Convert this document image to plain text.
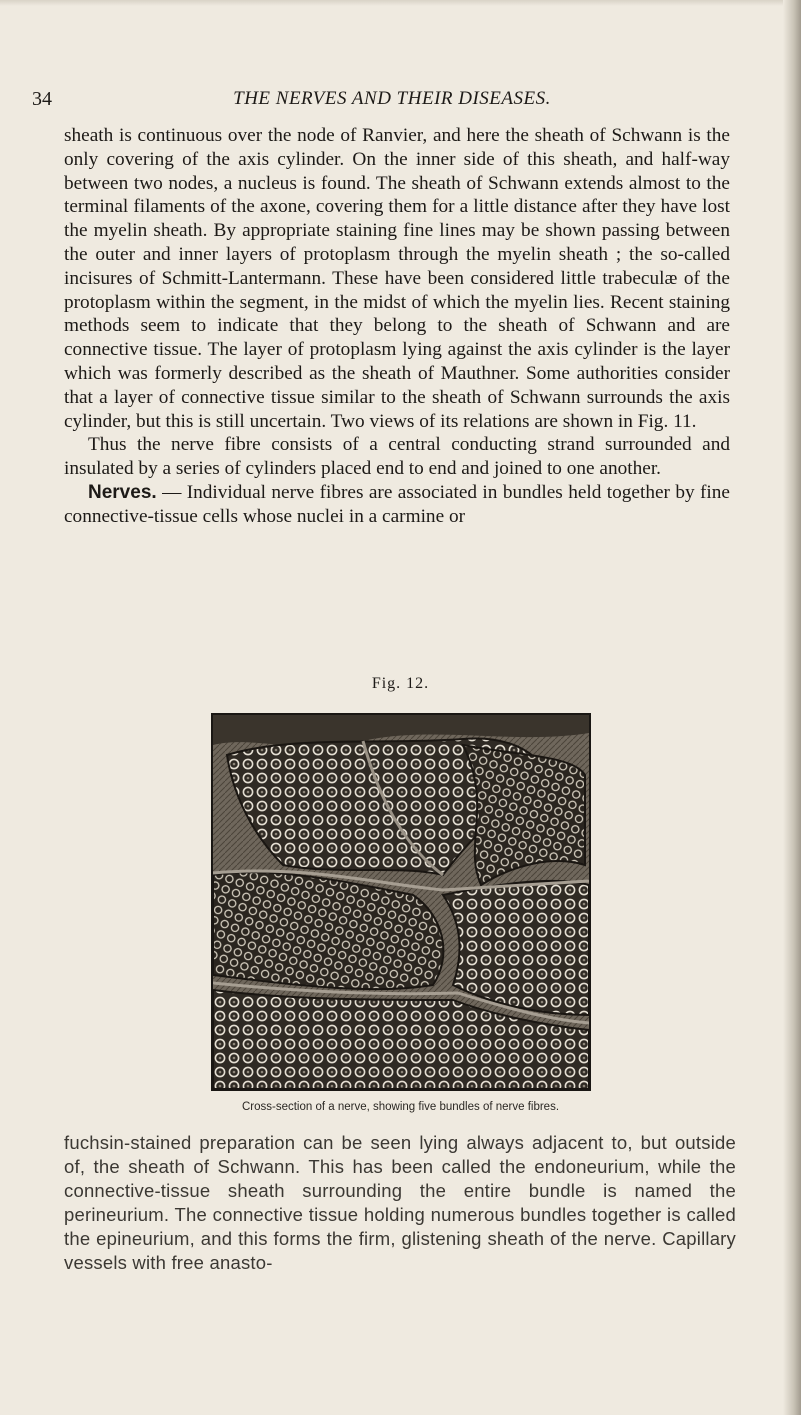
34	THE NERVES AND THEIR DISEASES.

sheath is continuous over the node of Ranvier, and here the sheath of Schwann is the only covering of the axis cylinder. On the inner side of this sheath, and half-way between two nodes, a nucleus is found. The sheath of Schwann extends almost to the terminal filaments of the axone, covering them for a little distance after they have lost the myelin sheath. By appropriate staining fine lines may be shown passing between the outer and inner layers of protoplasm through the myelin sheath ; the so-called incisures of Schmitt-Lantermann. These have been considered little trabeculæ of the protoplasm within the segment, in the midst of which the myelin lies. Recent staining methods seem to indicate that they belong to the sheath of Schwann and are connective tissue. The layer of protoplasm lying against the axis cylinder is the layer which was formerly described as the sheath of Mauthner. Some authorities consider that a layer of connective tissue similar to the sheath of Schwann surrounds the axis cylinder, but this is still uncertain. Two views of its relations are shown in Fig. 11.

Thus the nerve fibre consists of a central conducting strand surrounded and insulated by a series of cylinders placed end to end and joined to one another.

Nerves. — Individual nerve fibres are associated in bundles held together by fine connective-tissue cells whose nuclei in a carmine or

Fig. 12.
Cross-section of a nerve, showing five bundles of nerve fibres.

fuchsin-stained preparation can be seen lying always adjacent to, but outside of, the sheath of Schwann. This has been called the endoneurium, while the connective-tissue sheath surrounding the entire bundle is named the perineurium. The connective tissue holding numerous bundles together is called the epineurium, and this forms the firm, glistening sheath of the nerve. Capillary vessels with free anasto-
